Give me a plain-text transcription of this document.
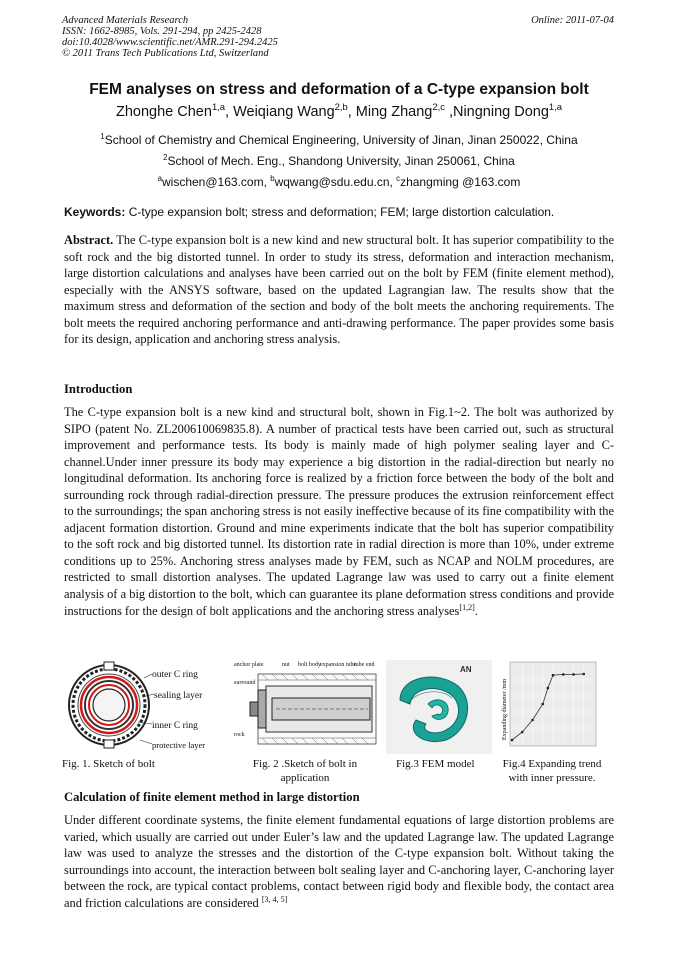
Advanced Materials Research
ISSN: 1662-8985, Vols. 291-294, pp 2425-2428
doi:10.4028/www.scientific.net/AMR.291-294.2425
© 2011 Trans Tech Publications Ltd, Switzerland
Online: 2011-07-04
FEM analyses on stress and deformation of a C-type expansion bolt
Zhonghe Chen$^{1,a}$, Weiqiang Wang$^{2,b}$, Ming Zhang$^{2,c}$ ,Ningning Dong$^{1,a}$
$^1$School of Chemistry and Chemical Engineering, University of Jinan, Jinan 250022, China
$^2$School of Mech. Eng., Shandong University, Jinan 250061, China
$^a$wischen@163.com, $^b$wqwang@sdu.edu.cn, $^c$zhangming @163.com
Keywords: C-type expansion bolt; stress and deformation; FEM; large distortion calculation.
Abstract. The C-type expansion bolt is a new kind and new structural bolt. It has superior compatibility to the soft rock and the big distorted tunnel. In order to study its stress, deformation and interaction mechanism, large distortion calculations and analyses have been carried out on the bolt by FEM (finite element method), especially with the ANSYS software, based on the updated Lagrangian law. The results show that the maximum stress and deformation of the section and body of the bolt meets the anchoring requirements. The bolt meets the required anchoring performance and anti-drawing performance. The paper provides some basis for its design, application and anchoring stress analysis.
Introduction
The C-type expansion bolt is a new kind and structural bolt, shown in Fig.1~2. The bolt was authorized by SIPO (patent No. ZL200610069835.8). A number of practical tests have been carried out, such as structural improvement and performance tests. Its body is mainly made of high polymer sealing layer and C-channel.Under inner pressure its body may experience a big distortion in the radial-direction but nearly no longitudinal deformation. Its anchoring force is realized by a friction force between the body of the bolt and surrounding rock through radial-direction pressure. The pressure produces the extrusion reinforcement effect to the surroundings; the span anchoring stress is not easily ineffective because of its fine compatibility with the adjacent formation distortion. Ground and mine experiments indicate that the bolt has superior compatibility to the soft rock and big distorted tunnel. Its distortion rate in radial direction is more than 10%, under extreme conditions up to 25%. Anchoring stress analyses made by FEM, such as NCAP and NOLM procedures, are restricted to small distortion analyses. The updated Lagrange law was used to carry out a finite element analysis of a big distortion to the bolt, which can guarantee its plane deformation stress conditions and provide instructions for the design of bolt applications and the anchoring stress analyses[1,2].
outer C ring
sealing layer
inner C ring
protective layer
Fig. 1. Sketch of bolt
anchor plate	nut bolt body expansion tube
tube end
surround
rock
Fig. 2 .Sketch of bolt in
application
AN
Fig.3 FEM model
Expanding diameter /mm
Fig.4 Expanding trend
with inner pressure.
Calculation of finite element method in large distortion
Under different coordinate systems, the finite element fundamental equations of large distortion problems are varied, which usually are carried out under Euler’s law and the updated Lagrange law. The updated Lagrange law was used to analyze the stresses and the distortion of the C-type expansion bolt. Without taking the surroundings into account, the interaction between bolt sealing layer and C-anchoring layer, C-anchoring layer between the rock, are typical contact problems, contact between rigid body and flexible body, the contact area and friction calculations are considered [3, 4, 5]
